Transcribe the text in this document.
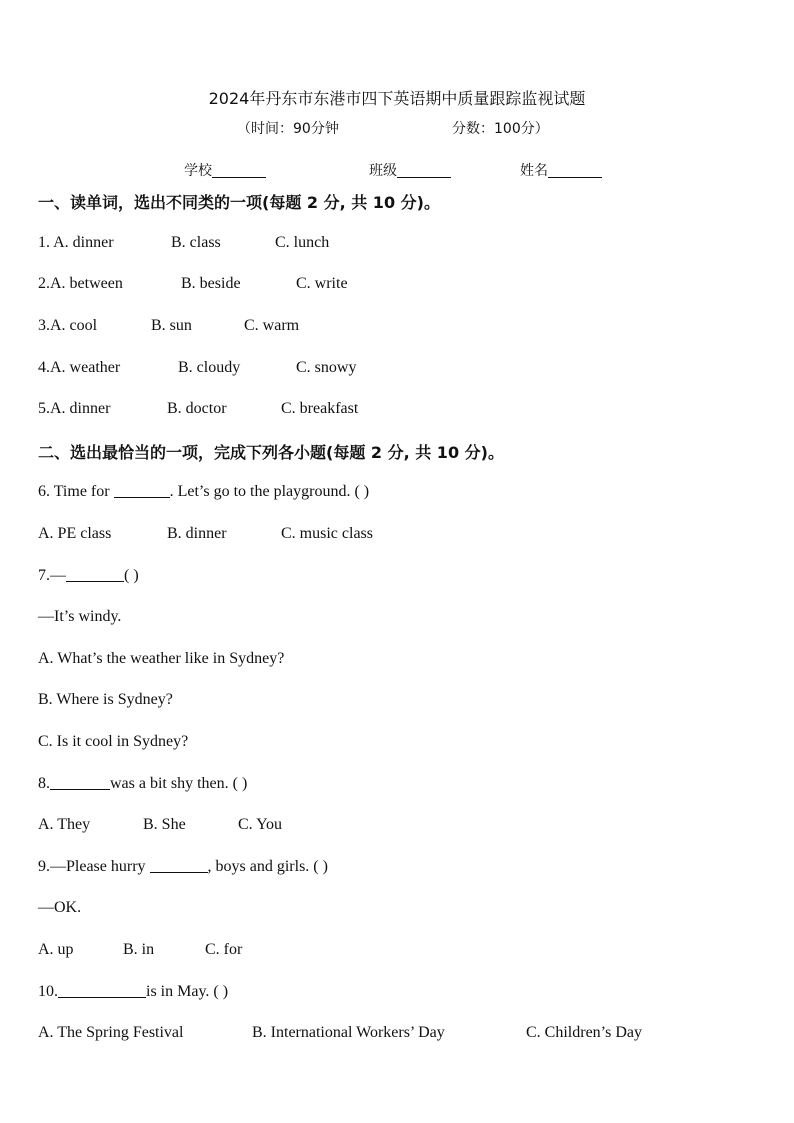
2024年丹东市东港市四下英语期中质量跟踪监视试题
（时间：90分钟	分数：100分）
学校	班级	姓名
一、读单词，选出不同类的一项(每题 2 分, 共 10 分)。
1. A. dinner	B. class	C. lunch
2.A. between	B. beside	C. write
3.A. cool	B. sun	C. warm
4.A. weather	B. cloudy	C. snowy
5.A. dinner	B. doctor	C. breakfast
二、选出最恰当的一项，完成下列各小题(每题 2 分, 共 10 分)。
6. Time for	. Let’s go to the playground. ( )
A. PE class	B. dinner	C. music class
7.—	( )
—It’s windy.
A. What’s the weather like in Sydney?
B. Where is Sydney?
C. Is it cool in Sydney?
8.	was a bit shy then. ( )
A. They	B. She	C. You
9.—Please hurry	, boys and girls. ( )
—OK.
A. up	B. in	C. for
10.	is in May. ( )
A. The Spring Festival	B. International Workers’ Day	C. Children’s Day
